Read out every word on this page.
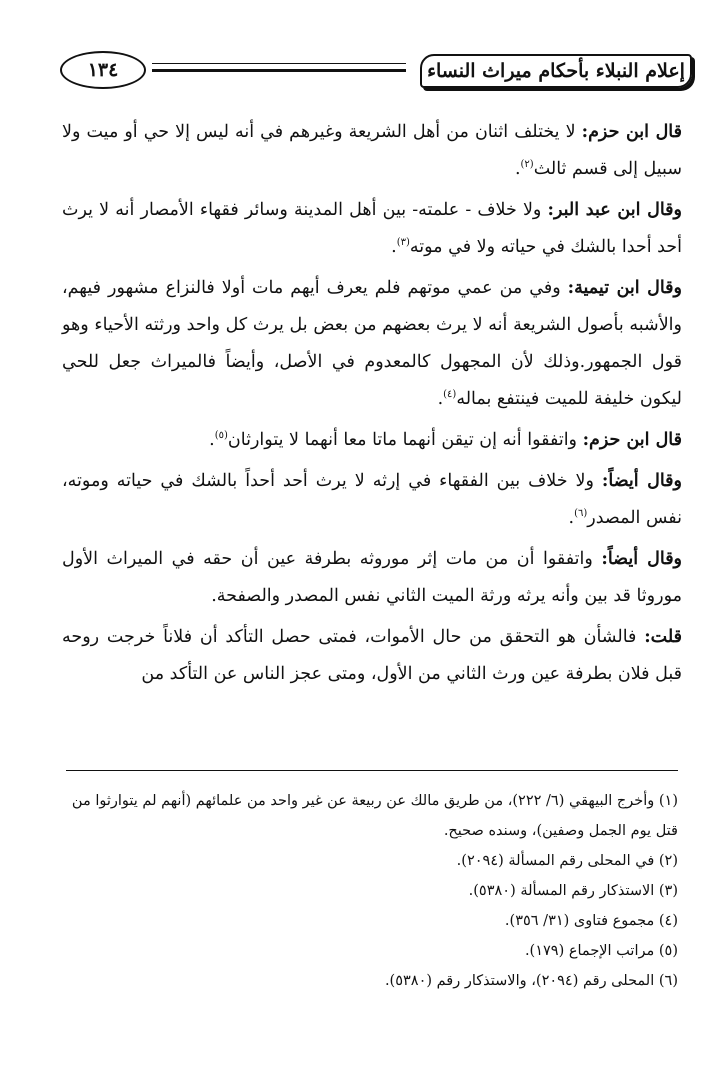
إعلام النبلاء بأحكام ميراث النساء
١٣٤

قال ابن حزم: لا يختلف اثنان من أهل الشريعة وغيرهم في أنه ليس إلا حي أو ميت ولا سبيل إلى قسم ثالث$^{(٢)}$.

وقال ابن عبد البر: ولا خلاف - علمته- بين أهل المدينة وسائر فقهاء الأمصار أنه لا يرث أحد أحدا بالشك في حياته ولا في موته$^{(٣)}$.

وقال ابن تيمية: وفي من عمي موتهم فلم يعرف أيهم مات أولا فالنزاع مشهور فيهم، والأشبه بأصول الشريعة أنه لا يرث بعضهم من بعض بل يرث كل واحد ورثته الأحياء وهو قول الجمهور.وذلك لأن المجهول كالمعدوم في الأصل، وأيضاً فالميراث جعل للحي ليكون خليفة للميت فينتفع بماله$^{(٤)}$.

قال ابن حزم: واتفقوا أنه إن تيقن أنهما ماتا معا أنهما لا يتوارثان$^{(٥)}$.

وقال أيضاً: ولا خلاف بين الفقهاء في إرثه لا يرث أحد أحداً بالشك في حياته وموته، نفس المصدر$^{(٦)}$.

وقال أيضاً: واتفقوا أن من مات إثر موروثه بطرفة عين أن حقه في الميراث الأول موروثا قد بين وأنه يرثه ورثة الميت الثاني نفس المصدر والصفحة.

قلت: فالشأن هو التحقق من حال الأموات، فمتى حصل التأكد أن فلاناً خرجت روحه قبل فلان بطرفة عين ورث الثاني من الأول، ومتى عجز الناس عن التأكد من

(١) وأخرج البيهقي (٦/ ٢٢٢)، من طريق مالك عن ربيعة عن غير واحد من علمائهم (أنهم لم يتوارثوا من قتل يوم الجمل وصفين)، وسنده صحيح.

(٢) في المحلى رقم المسألة (٢٠٩٤).

(٣) الاستذكار رقم المسألة (٥٣٨٠).

(٤) مجموع فتاوى (٣١/ ٣٥٦).

(٥) مراتب الإجماع (١٧٩).

(٦) المحلى رقم (٢٠٩٤)، والاستذكار رقم (٥٣٨٠).
